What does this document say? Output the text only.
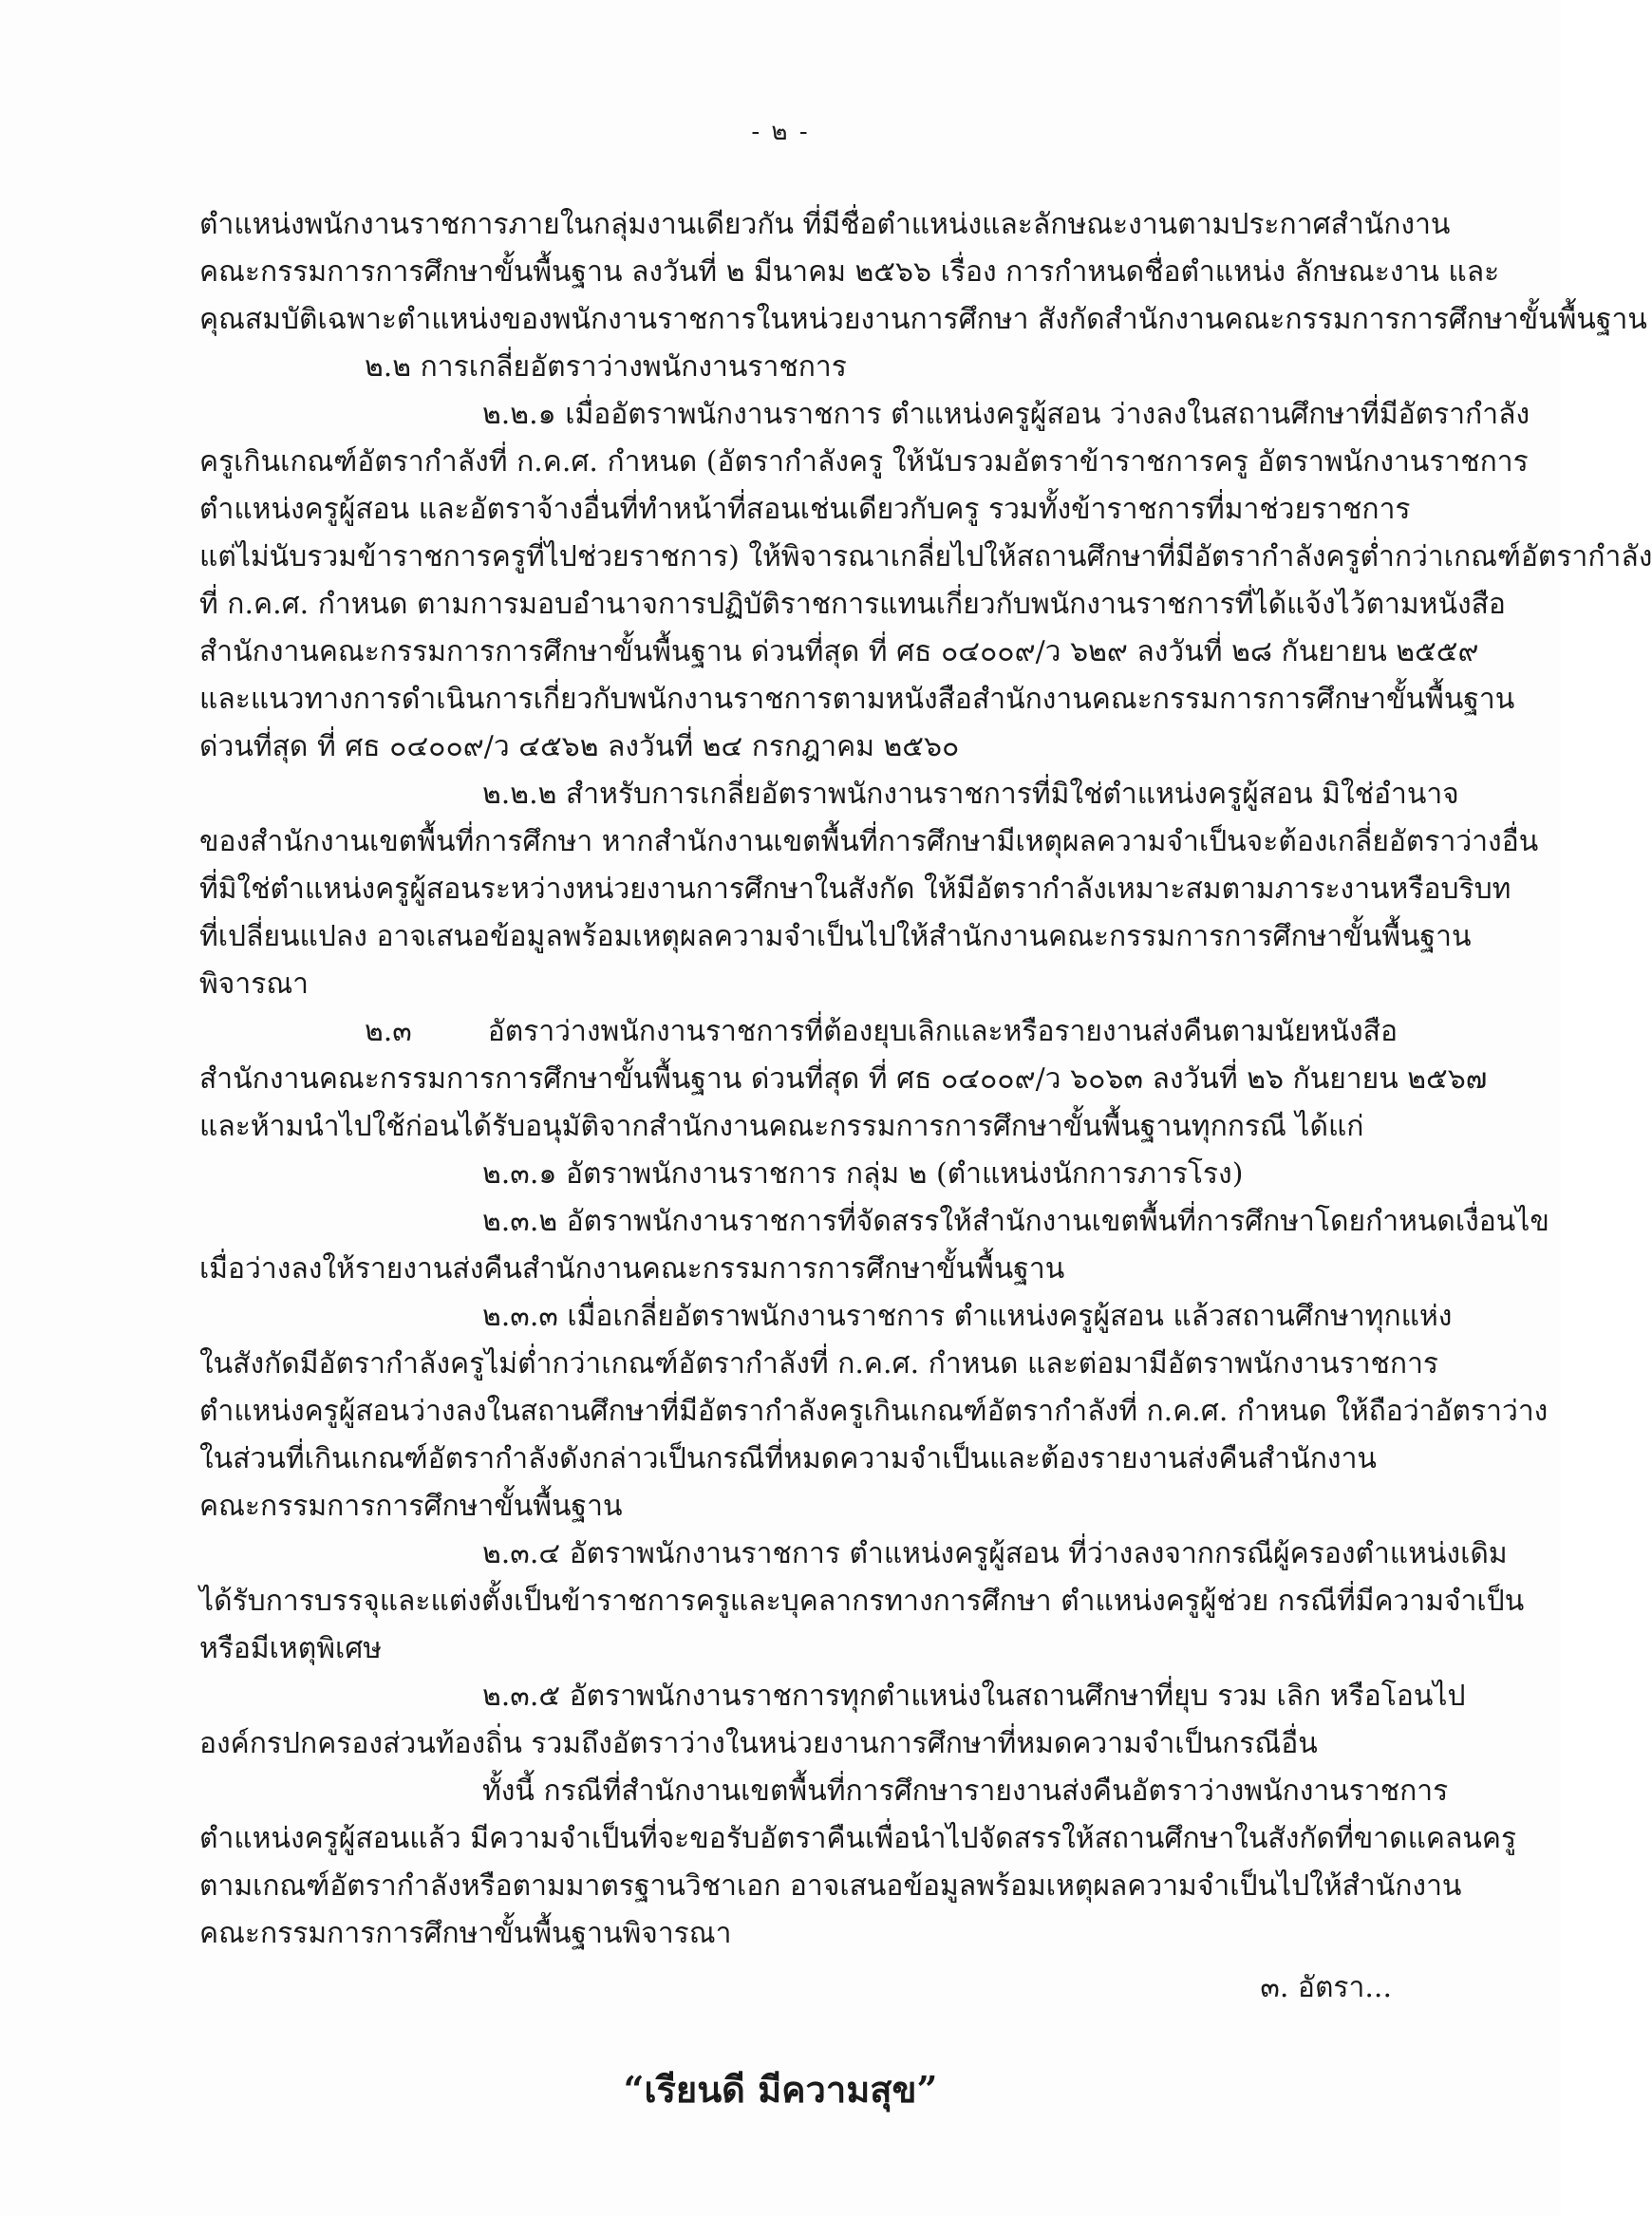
- ๒ -
ตำแหน่งพนักงานราชการภายในกลุ่มงานเดียวกัน ที่มีชื่อตำแหน่งและลักษณะงานตามประกาศสำนักงาน
คณะกรรมการการศึกษาขั้นพื้นฐาน ลงวันที่ ๒ มีนาคม ๒๕๖๖ เรื่อง การกำหนดชื่อตำแหน่ง ลักษณะงาน และ
คุณสมบัติเฉพาะตำแหน่งของพนักงานราชการในหน่วยงานการศึกษา สังกัดสำนักงานคณะกรรมการการศึกษาขั้นพื้นฐาน
๒.๒ การเกลี่ยอัตราว่างพนักงานราชการ
๒.๒.๑ เมื่ออัตราพนักงานราชการ ตำแหน่งครูผู้สอน ว่างลงในสถานศึกษาที่มีอัตรากำลัง
ครูเกินเกณฑ์อัตรากำลังที่ ก.ค.ศ. กำหนด (อัตรากำลังครู ให้นับรวมอัตราข้าราชการครู อัตราพนักงานราชการ
ตำแหน่งครูผู้สอน และอัตราจ้างอื่นที่ทำหน้าที่สอนเช่นเดียวกับครู รวมทั้งข้าราชการที่มาช่วยราชการ
แต่ไม่นับรวมข้าราชการครูที่ไปช่วยราชการ) ให้พิจารณาเกลี่ยไปให้สถานศึกษาที่มีอัตรากำลังครูต่ำกว่าเกณฑ์อัตรากำลัง
ที่ ก.ค.ศ. กำหนด ตามการมอบอำนาจการปฏิบัติราชการแทนเกี่ยวกับพนักงานราชการที่ได้แจ้งไว้ตามหนังสือ
สำนักงานคณะกรรมการการศึกษาขั้นพื้นฐาน ด่วนที่สุด ที่ ศธ ๐๔๐๐๙/ว ๖๒๙ ลงวันที่ ๒๘ กันยายน ๒๕๕๙
และแนวทางการดำเนินการเกี่ยวกับพนักงานราชการตามหนังสือสำนักงานคณะกรรมการการศึกษาขั้นพื้นฐาน
ด่วนที่สุด ที่ ศธ ๐๔๐๐๙/ว ๔๕๖๒ ลงวันที่ ๒๔ กรกฎาคม ๒๕๖๐
๒.๒.๒ สำหรับการเกลี่ยอัตราพนักงานราชการที่มิใช่ตำแหน่งครูผู้สอน มิใช่อำนาจ
ของสำนักงานเขตพื้นที่การศึกษา หากสำนักงานเขตพื้นที่การศึกษามีเหตุผลความจำเป็นจะต้องเกลี่ยอัตราว่างอื่น
ที่มิใช่ตำแหน่งครูผู้สอนระหว่างหน่วยงานการศึกษาในสังกัด ให้มีอัตรากำลังเหมาะสมตามภาระงานหรือบริบท
ที่เปลี่ยนแปลง อาจเสนอข้อมูลพร้อมเหตุผลความจำเป็นไปให้สำนักงานคณะกรรมการการศึกษาขั้นพื้นฐาน
พิจารณา
๒.๓ อัตราว่างพนักงานราชการที่ต้องยุบเลิกและหรือรายงานส่งคืนตามนัยหนังสือ
สำนักงานคณะกรรมการการศึกษาขั้นพื้นฐาน ด่วนที่สุด ที่ ศธ ๐๔๐๐๙/ว ๖๐๖๓ ลงวันที่ ๒๖ กันยายน ๒๕๖๗
และห้ามนำไปใช้ก่อนได้รับอนุมัติจากสำนักงานคณะกรรมการการศึกษาขั้นพื้นฐานทุกกรณี ได้แก่
๒.๓.๑ อัตราพนักงานราชการ กลุ่ม ๒ (ตำแหน่งนักการภารโรง)
๒.๓.๒ อัตราพนักงานราชการที่จัดสรรให้สำนักงานเขตพื้นที่การศึกษาโดยกำหนดเงื่อนไข
เมื่อว่างลงให้รายงานส่งคืนสำนักงานคณะกรรมการการศึกษาขั้นพื้นฐาน
๒.๓.๓ เมื่อเกลี่ยอัตราพนักงานราชการ ตำแหน่งครูผู้สอน แล้วสถานศึกษาทุกแห่ง
ในสังกัดมีอัตรากำลังครูไม่ต่ำกว่าเกณฑ์อัตรากำลังที่ ก.ค.ศ. กำหนด และต่อมามีอัตราพนักงานราชการ
ตำแหน่งครูผู้สอนว่างลงในสถานศึกษาที่มีอัตรากำลังครูเกินเกณฑ์อัตรากำลังที่ ก.ค.ศ. กำหนด ให้ถือว่าอัตราว่าง
ในส่วนที่เกินเกณฑ์อัตรากำลังดังกล่าวเป็นกรณีที่หมดความจำเป็นและต้องรายงานส่งคืนสำนักงาน
คณะกรรมการการศึกษาขั้นพื้นฐาน
๒.๓.๔ อัตราพนักงานราชการ ตำแหน่งครูผู้สอน ที่ว่างลงจากกรณีผู้ครองตำแหน่งเดิม
ได้รับการบรรจุและแต่งตั้งเป็นข้าราชการครูและบุคลากรทางการศึกษา ตำแหน่งครูผู้ช่วย กรณีที่มีความจำเป็น
หรือมีเหตุพิเศษ
๒.๓.๕ อัตราพนักงานราชการทุกตำแหน่งในสถานศึกษาที่ยุบ รวม เลิก หรือโอนไป
องค์กรปกครองส่วนท้องถิ่น รวมถึงอัตราว่างในหน่วยงานการศึกษาที่หมดความจำเป็นกรณีอื่น
ทั้งนี้ กรณีที่สำนักงานเขตพื้นที่การศึกษารายงานส่งคืนอัตราว่างพนักงานราชการ
ตำแหน่งครูผู้สอนแล้ว มีความจำเป็นที่จะขอรับอัตราคืนเพื่อนำไปจัดสรรให้สถานศึกษาในสังกัดที่ขาดแคลนครู
ตามเกณฑ์อัตรากำลังหรือตามมาตรฐานวิชาเอก อาจเสนอข้อมูลพร้อมเหตุผลความจำเป็นไปให้สำนักงาน
คณะกรรมการการศึกษาขั้นพื้นฐานพิจารณา
๓. อัตรา...
“เรียนดี มีความสุข”
